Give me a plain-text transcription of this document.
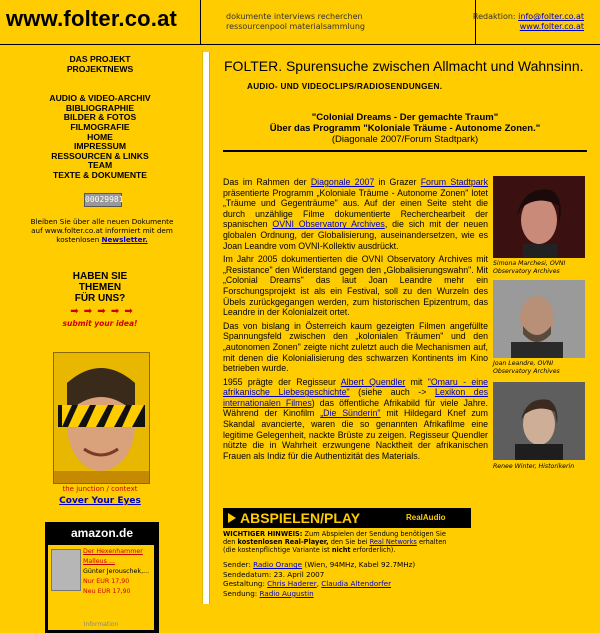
www.folter.co.at	dokumente interviews recherchen
ressourcenpool materialsammlung
Redaktion: info@folter.co.at
www.folter.co.at
DAS PROJEKT
PROJEKTNEWS
AUDIO & VIDEO-ARCHIV
BIBLIOGRAPHIE
BILDER & FOTOS
FILMOGRAFIE
HOME
IMPRESSUM
RESSOURCEN & LINKS
TEAM
TEXTE & DOKUMENTE
00029981
Bleiben Sie über alle neuen Dokumente
auf www.folter.co.at informiert mit dem
kostenlosen Newsletter.
HABEN SIE
THEMEN
FÜR UNS?
➡ ➡ ➡ ➡ ➡
submit your idea!
the junction / context
Cover Your Eyes
amazon.de
Der Hexenhammer
Malleus ...
Günter Jerouschek,...
Nur EUR 17,90
Neu EUR 17,90
Information
FOLTER. Spurensuche zwischen Allmacht und Wahnsinn.
AUDIO- UND VIDEOCLIPS/RADIOSENDUNGEN.
"Colonial Dreams - Der gemachte Traum"
Über das Programm "Koloniale Träume - Autonome Zonen."
(Diagonale 2007/Forum Stadtpark)

Das im Rahmen der Diagonale 2007 in Grazer Forum Stadtpark präsentierte Programm „Koloniale Träume - Autonome Zonen" lotet „Träume und Gegenträume" aus. Auf der einen Seite steht die durch unzählige Filme dokumentierte Recherchearbeit der spanischen OVNI Observatory Archives, die sich mit der neuen globalen Ordnung, der Globalisierung, auseinandersetzen, wie es Joan Leandre vom OVNI-Kollektiv ausdrückt.

Im Jahr 2005 dokumentierten die OVNI Observatory Archives mit „Resistance" den Widerstand gegen den „Globalisierungswahn". Mit „Colonial Dreams" das laut Joan Leandre mehr ein Forschungsprojekt ist als ein Festival, soll zu den Wurzeln des Übels zurückgegangen werden, zum historischen Epizentrum, das Leandre in der Kolonialzeit ortet.

Das von bislang in Österreich kaum gezeigten Filmen angefüllte Spannungsfeld zwischen den „kolonialen Träumen" und den „autonomen Zonen" zeigte nicht zuletzt auch die Mechanismen auf, mit denen die Kolonialisierung des schwarzen Kontinents im Kino betrieben wurde.

1955 prägte der Regisseur Albert Quendler mit "Omaru - eine afrikanische Liebesgeschichte" (siehe auch -> Lexikon des internationalen Filmes) das öffentliche Afrikabild für viele Jahre. Während der Kinofilm „Die Sünderin" mit Hildegard Knef zum Skandal avancierte, waren die so genannten Afrikafilme eine legitime Gelegenheit, nackte Brüste zu zeigen. Regisseur Quendler nützte die in Wahrheit erzwungene Nacktheit der afrikanischen Frauen als Indiz für die Authentizität des Materials.

Simona Marchesi, OVNI
Observatory Archives
Joan Leandre, OVNI
Observatory Archives
Renee Winter, Historikerin
ABSPIELEN/PLAY	RealAudio
WICHTIGER HINWEIS: Zum Abspielen der Sendung benötigen Sie den kostenlosen Real-Player, den Sie bei Real Networks erhalten (die kostenpflichtige Variante ist nicht erforderlich).
Sender: Radio Orange (Wien, 94MHz, Kabel 92.7MHz)
Sendedatum: 23. April 2007
Gestaltung: Chris Haderer, Claudia Altendorfer
Sendung: Radio Augustin
